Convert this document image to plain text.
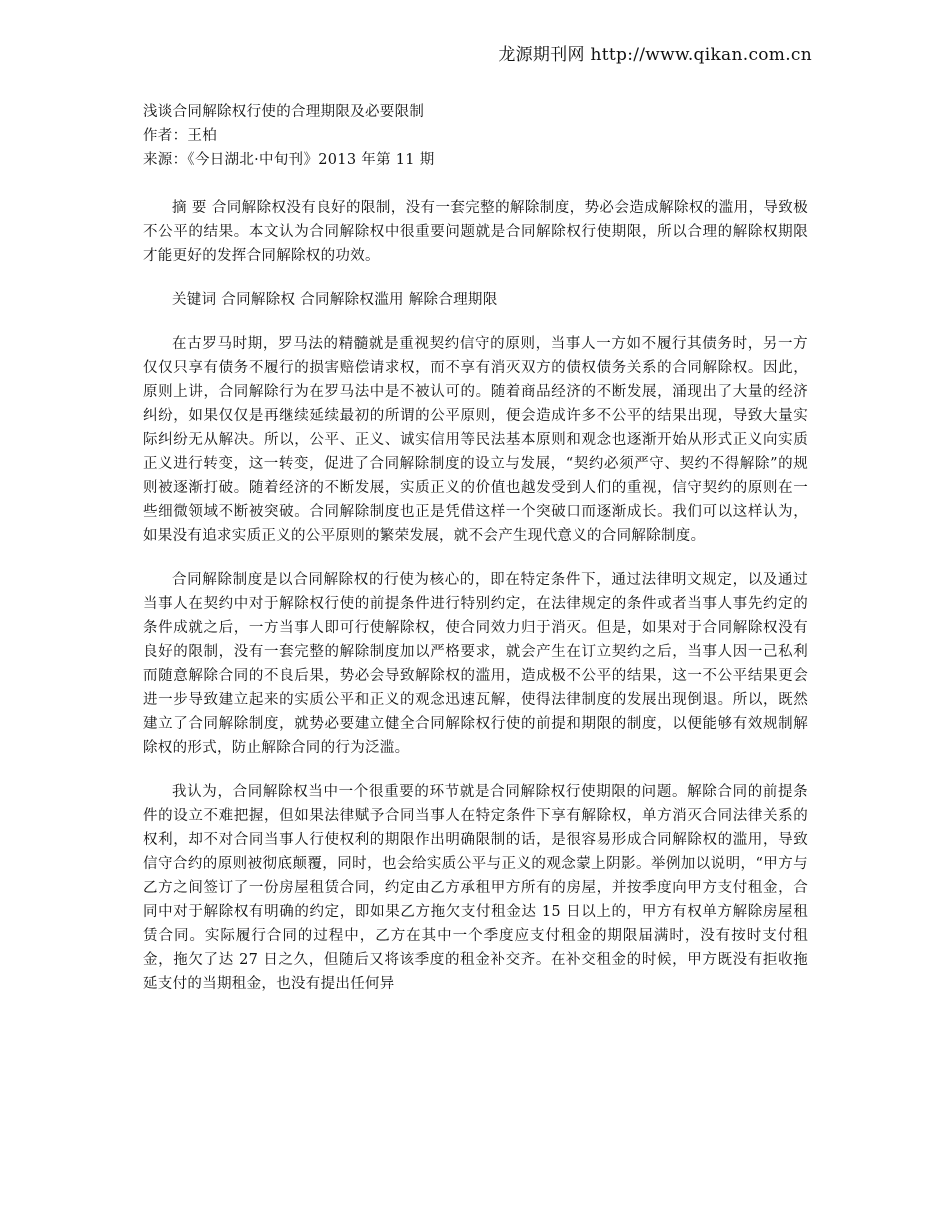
龙源期刊网 http://www.qikan.com.cn

浅谈合同解除权行使的合理期限及必要限制

作者：王柏

来源：《今日湖北·中旬刊》2013 年第 11 期

摘 要 合同解除权没有良好的限制，没有一套完整的解除制度，势必会造成解除权的滥用，导致极不公平的结果。本文认为合同解除权中很重要问题就是合同解除权行使期限，所以合理的解除权期限才能更好的发挥合同解除权的功效。

关键词 合同解除权 合同解除权滥用 解除合理期限

在古罗马时期，罗马法的精髓就是重视契约信守的原则，当事人一方如不履行其债务时，另一方仅仅只享有债务不履行的损害赔偿请求权，而不享有消灭双方的债权债务关系的合同解除权。因此，原则上讲，合同解除行为在罗马法中是不被认可的。随着商品经济的不断发展，涌现出了大量的经济纠纷，如果仅仅是再继续延续最初的所谓的公平原则，便会造成许多不公平的结果出现，导致大量实际纠纷无从解决。所以，公平、正义、诚实信用等民法基本原则和观念也逐渐开始从形式正义向实质正义进行转变，这一转变，促进了合同解除制度的设立与发展，“契约必须严守、契约不得解除”的规则被逐渐打破。随着经济的不断发展，实质正义的价值也越发受到人们的重视，信守契约的原则在一些细微领域不断被突破。合同解除制度也正是凭借这样一个突破口而逐渐成长。我们可以这样认为，如果没有追求实质正义的公平原则的繁荣发展，就不会产生现代意义的合同解除制度。

合同解除制度是以合同解除权的行使为核心的，即在特定条件下，通过法律明文规定，以及通过当事人在契约中对于解除权行使的前提条件进行特别约定，在法律规定的条件或者当事人事先约定的条件成就之后，一方当事人即可行使解除权，使合同效力归于消灭。但是，如果对于合同解除权没有良好的限制，没有一套完整的解除制度加以严格要求，就会产生在订立契约之后，当事人因一己私利而随意解除合同的不良后果，势必会导致解除权的滥用，造成极不公平的结果，这一不公平结果更会进一步导致建立起来的实质公平和正义的观念迅速瓦解，使得法律制度的发展出现倒退。所以，既然建立了合同解除制度，就势必要建立健全合同解除权行使的前提和期限的制度，以便能够有效规制解除权的形式，防止解除合同的行为泛滥。

我认为，合同解除权当中一个很重要的环节就是合同解除权行使期限的问题。解除合同的前提条件的设立不难把握，但如果法律赋予合同当事人在特定条件下享有解除权，单方消灭合同法律关系的权利，却不对合同当事人行使权利的期限作出明确限制的话，是很容易形成合同解除权的滥用，导致信守合约的原则被彻底颠覆，同时，也会给实质公平与正义的观念蒙上阴影。举例加以说明，“甲方与乙方之间签订了一份房屋租赁合同，约定由乙方承租甲方所有的房屋，并按季度向甲方支付租金，合同中对于解除权有明确的约定，即如果乙方拖欠支付租金达 15 日以上的，甲方有权单方解除房屋租赁合同。实际履行合同的过程中，乙方在其中一个季度应支付租金的期限届满时，没有按时支付租金，拖欠了达 27 日之久，但随后又将该季度的租金补交齐。在补交租金的时候，甲方既没有拒收拖延支付的当期租金，也没有提出任何异
